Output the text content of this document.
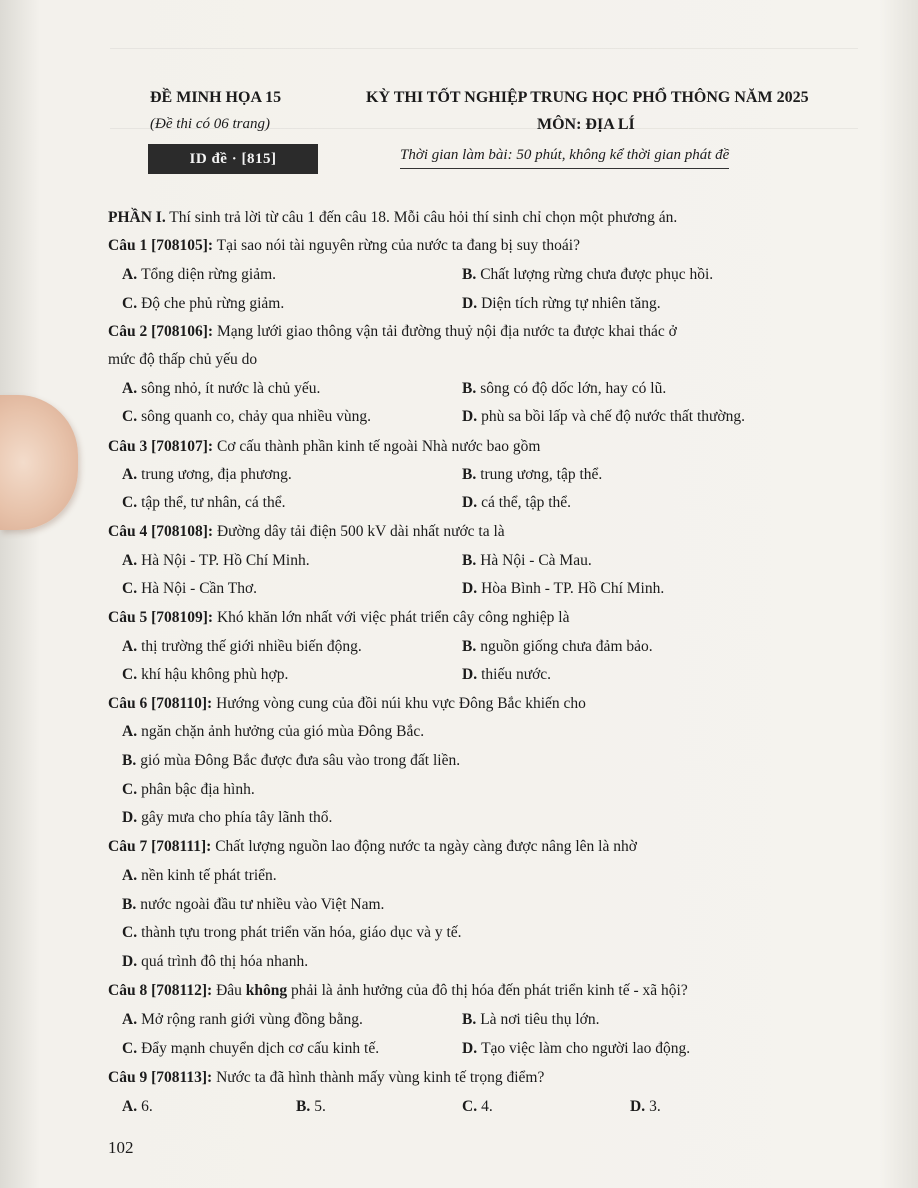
ĐỀ MINH HỌA 15	KỲ THI TỐT NGHIỆP TRUNG HỌC PHỔ THÔNG NĂM 2025
(Đề thi có 06 trang)	MÔN: ĐỊA LÍ
ID đề · [815]	Thời gian làm bài: 50 phút, không kể thời gian phát đề
PHẦN I. Thí sinh trả lời từ câu 1 đến câu 18. Mỗi câu hỏi thí sinh chỉ chọn một phương án.
Câu 1 [708105]: Tại sao nói tài nguyên rừng của nước ta đang bị suy thoái?
A. Tổng diện rừng giảm.	B. Chất lượng rừng chưa được phục hồi.
C. Độ che phủ rừng giảm.	D. Diện tích rừng tự nhiên tăng.
Câu 2 [708106]: Mạng lưới giao thông vận tải đường thuỷ nội địa nước ta được khai thác ở
mức độ thấp chủ yếu do
A. sông nhỏ, ít nước là chủ yếu.	B. sông có độ dốc lớn, hay có lũ.
C. sông quanh co, chảy qua nhiều vùng.	D. phù sa bồi lấp và chế độ nước thất thường.
Câu 3 [708107]: Cơ cấu thành phần kinh tế ngoài Nhà nước bao gồm
A. trung ương, địa phương.	B. trung ương, tập thể.
C. tập thể, tư nhân, cá thể.	D. cá thể, tập thể.
Câu 4 [708108]: Đường dây tải điện 500 kV dài nhất nước ta là
A. Hà Nội - TP. Hồ Chí Minh.	B. Hà Nội - Cà Mau.
C. Hà Nội - Cần Thơ.	D. Hòa Bình - TP. Hồ Chí Minh.
Câu 5 [708109]: Khó khăn lớn nhất với việc phát triển cây công nghiệp là
A. thị trường thế giới nhiều biến động.	B. nguồn giống chưa đảm bảo.
C. khí hậu không phù hợp.	D. thiếu nước.
Câu 6 [708110]: Hướng vòng cung của đồi núi khu vực Đông Bắc khiến cho
A. ngăn chặn ảnh hưởng của gió mùa Đông Bắc.
B. gió mùa Đông Bắc được đưa sâu vào trong đất liền.
C. phân bậc địa hình.
D. gây mưa cho phía tây lãnh thổ.
Câu 7 [708111]: Chất lượng nguồn lao động nước ta ngày càng được nâng lên là nhờ
A. nền kinh tế phát triển.
B. nước ngoài đầu tư nhiều vào Việt Nam.
C. thành tựu trong phát triển văn hóa, giáo dục và y tế.
D. quá trình đô thị hóa nhanh.
Câu 8 [708112]: Đâu không phải là ảnh hưởng của đô thị hóa đến phát triển kinh tế - xã hội?
A. Mở rộng ranh giới vùng đồng bằng.	B. Là nơi tiêu thụ lớn.
C. Đẩy mạnh chuyển dịch cơ cấu kinh tế.	D. Tạo việc làm cho người lao động.
Câu 9 [708113]: Nước ta đã hình thành mấy vùng kinh tế trọng điểm?
A. 6.	B. 5.	C. 4.	D. 3.
102
